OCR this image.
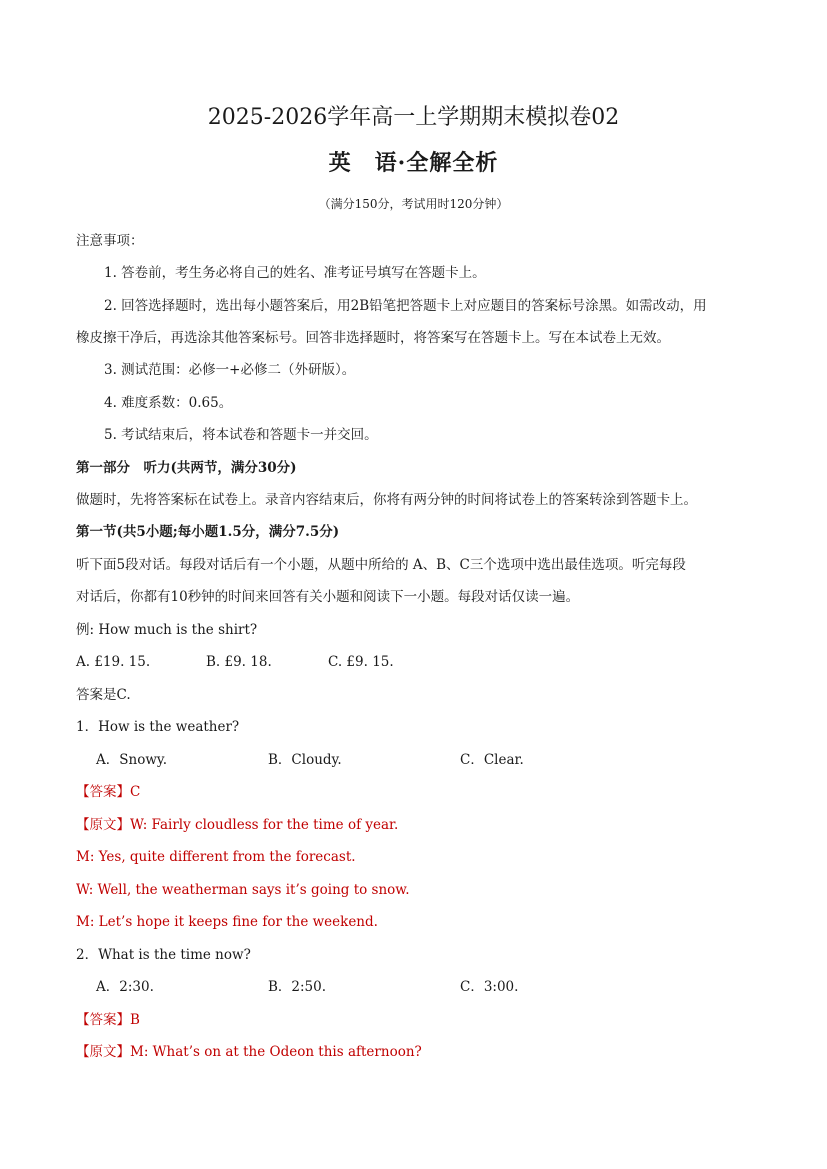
2025-2026学年高一上学期期末模拟卷02
英　语·全解全析
（满分150分，考试用时120分钟）
注意事项：
1. 答卷前，考生务必将自己的姓名、准考证号填写在答题卡上。
2. 回答选择题时，选出每小题答案后，用2B铅笔把答题卡上对应题目的答案标号涂黑。如需改动，用
橡皮擦干净后，再选涂其他答案标号。回答非选择题时，将答案写在答题卡上。写在本试卷上无效。
3. 测试范围：必修一+必修二（外研版）。
4. 难度系数：0.65。
5. 考试结束后，将本试卷和答题卡一并交回。
第一部分　听力(共两节，满分30分)
做题时，先将答案标在试卷上。录音内容结束后，你将有两分钟的时间将试卷上的答案转涂到答题卡上。
第一节(共5小题;每小题1.5分，满分7.5分)
听下面5段对话。每段对话后有一个小题，从题中所给的 A、B、C三个选项中选出最佳选项。听完每段
对话后，你都有10秒钟的时间来回答有关小题和阅读下一小题。每段对话仅读一遍。
例: How much is the shirt?
A. £19. 15.	B. £9. 18.	C. £9. 15.
答案是C.
1．How is the weather?
A．Snowy.	B．Cloudy.	C．Clear.
【答案】C
【原文】W: Fairly cloudless for the time of year.
M: Yes, quite different from the forecast.
W: Well, the weatherman says it’s going to snow.
M: Let’s hope it keeps fine for the weekend.
2．What is the time now?
A．2:30.	B．2:50.	C．3:00.
【答案】B
【原文】M: What’s on at the Odeon this afternoon?
